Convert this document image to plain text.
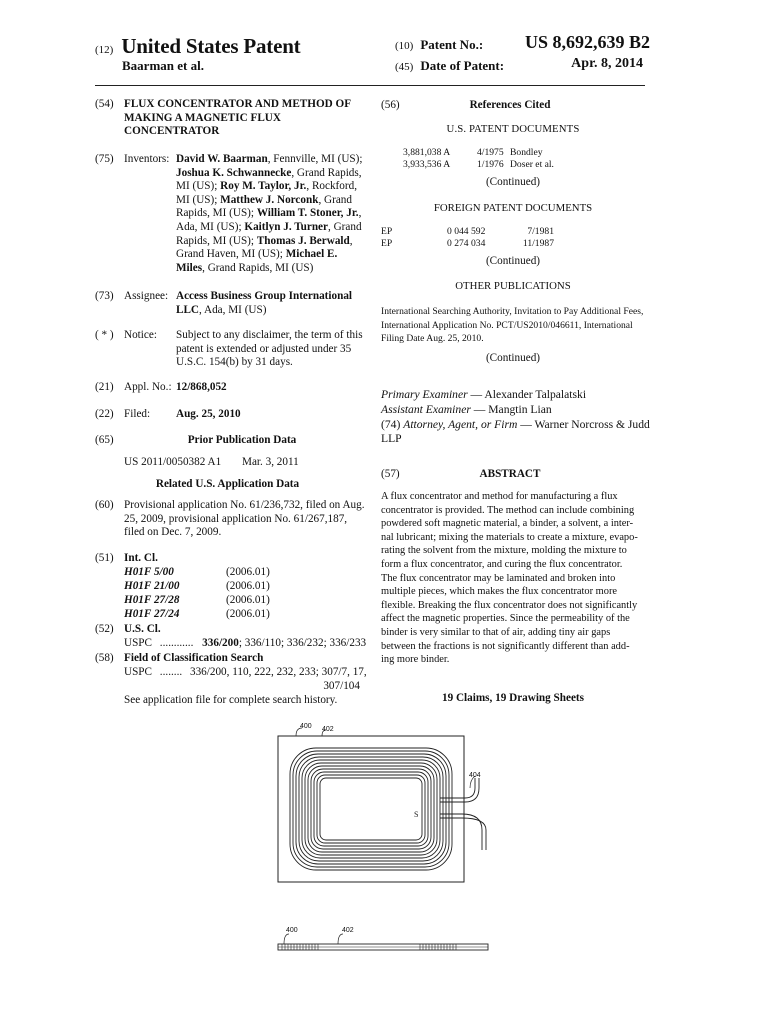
(12) United States Patent
Baarman et al.
(10) Patent No.: US 8,692,639 B2
(45) Date of Patent:	Apr. 8, 2014
(54) FLUX CONCENTRATOR AND METHOD OF
MAKING A MAGNETIC FLUX
CONCENTRATOR
(75) Inventors: David W. Baarman, Fennville, MI (US);
Joshua K. Schwannecke, Grand Rapids,
MI (US); Roy M. Taylor, Jr., Rockford,
MI (US); Matthew J. Norconk, Grand
Rapids, MI (US); William T. Stoner, Jr.,
Ada, MI (US); Kaitlyn J. Turner, Grand
Rapids, MI (US); Thomas J. Berwald,
Grand Haven, MI (US); Michael E.
Miles, Grand Rapids, MI (US)
(73) Assignee: Access Business Group International
LLC, Ada, MI (US)
( * ) Notice: Subject to any disclaimer, the term of this
patent is extended or adjusted under 35
U.S.C. 154(b) by 31 days.
(21) Appl. No.: 12/868,052
(22) Filed: Aug. 25, 2010
(65)	Prior Publication Data
US 2011/0050382 A1 Mar. 3, 2011
Related U.S. Application Data
(60) Provisional application No. 61/236,732, filed on Aug.
25, 2009, provisional application No. 61/267,187,
filed on Dec. 7, 2009.
(51) Int. Cl.
H01F 5/00	(2006.01)
H01F 21/00	(2006.01)
H01F 27/28	(2006.01)
H01F 27/24	(2006.01)
(52) U.S. Cl.
USPC ............ 336/200; 336/110; 336/232; 336/233
(58) Field of Classification Search
USPC ........ 336/200, 110, 222, 232, 233; 307/7, 17,
307/104
See application file for complete search history.
(56)	References Cited
U.S. PATENT DOCUMENTS
3,881,038 A	4/1975 Bondley
3,933,536 A	1/1976 Doser et al.
(Continued)
FOREIGN PATENT DOCUMENTS
EP	0 044 592	7/1981
EP	0 274 034	11/1987
(Continued)
OTHER PUBLICATIONS
International Searching Authority, Invitation to Pay Additional Fees,
International Application No. PCT/US2010/046611, International
Filing Date Aug. 25, 2010.
(Continued)
Primary Examiner — Alexander Talpalatski
Assistant Examiner — Mangtin Lian
(74) Attorney, Agent, or Firm — Warner Norcross & Judd
LLP
(57)	ABSTRACT
A flux concentrator and method for manufacturing a flux
concentrator is provided. The method can include combining
powdered soft magnetic material, a binder, a solvent, a inter-
nal lubricant; mixing the materials to create a mixture, evapo-
rating the solvent from the mixture, molding the mixture to
form a flux concentrator, and curing the flux concentrator.
The flux concentrator may be laminated and broken into
multiple pieces, which makes the flux concentrator more
flexible. Breaking the flux concentrator does not significantly
affect the magnetic properties. Since the permeability of the
binder is very similar to that of air, adding tiny air gaps
between the fractions is not significantly different than add-
ing more binder.
19 Claims, 19 Drawing Sheets
S
400 402
404
400	402
